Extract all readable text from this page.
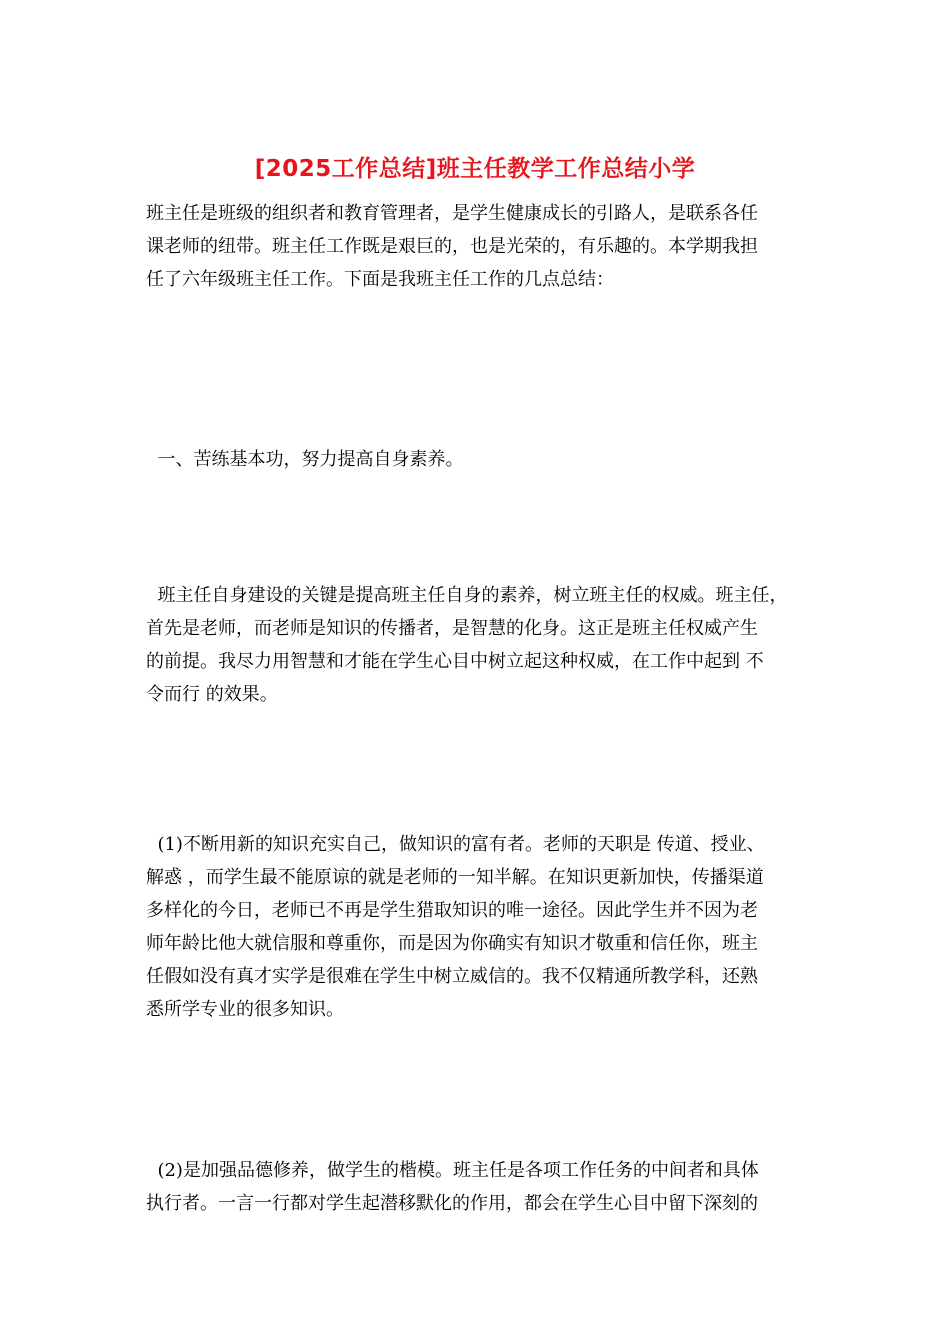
[2025工作总结]班主任教学工作总结小学
班主任是班级的组织者和教育管理者，是学生健康成长的引路人，是联系各任
课老师的纽带。班主任工作既是艰巨的，也是光荣的，有乐趣的。本学期我担
任了六年级班主任工作。下面是我班主任工作的几点总结：
一、苦练基本功，努力提高自身素养。
班主任自身建设的关键是提高班主任自身的素养，树立班主任的权威。班主任，
首先是老师，而老师是知识的传播者，是智慧的化身。这正是班主任权威产生
的前提。我尽力用智慧和才能在学生心目中树立起这种权威，在工作中起到 不
令而行 的效果。
(1)不断用新的知识充实自己，做知识的富有者。老师的天职是 传道、授业、
解惑 ，而学生最不能原谅的就是老师的一知半解。在知识更新加快，传播渠道
多样化的今日，老师已不再是学生猎取知识的唯一途径。因此学生并不因为老
师年龄比他大就信服和尊重你，而是因为你确实有知识才敬重和信任你，班主
任假如没有真才实学是很难在学生中树立威信的。我不仅精通所教学科，还熟
悉所学专业的很多知识。
(2)是加强品德修养，做学生的楷模。班主任是各项工作任务的中间者和具体
执行者。一言一行都对学生起潜移默化的作用，都会在学生心目中留下深刻的
